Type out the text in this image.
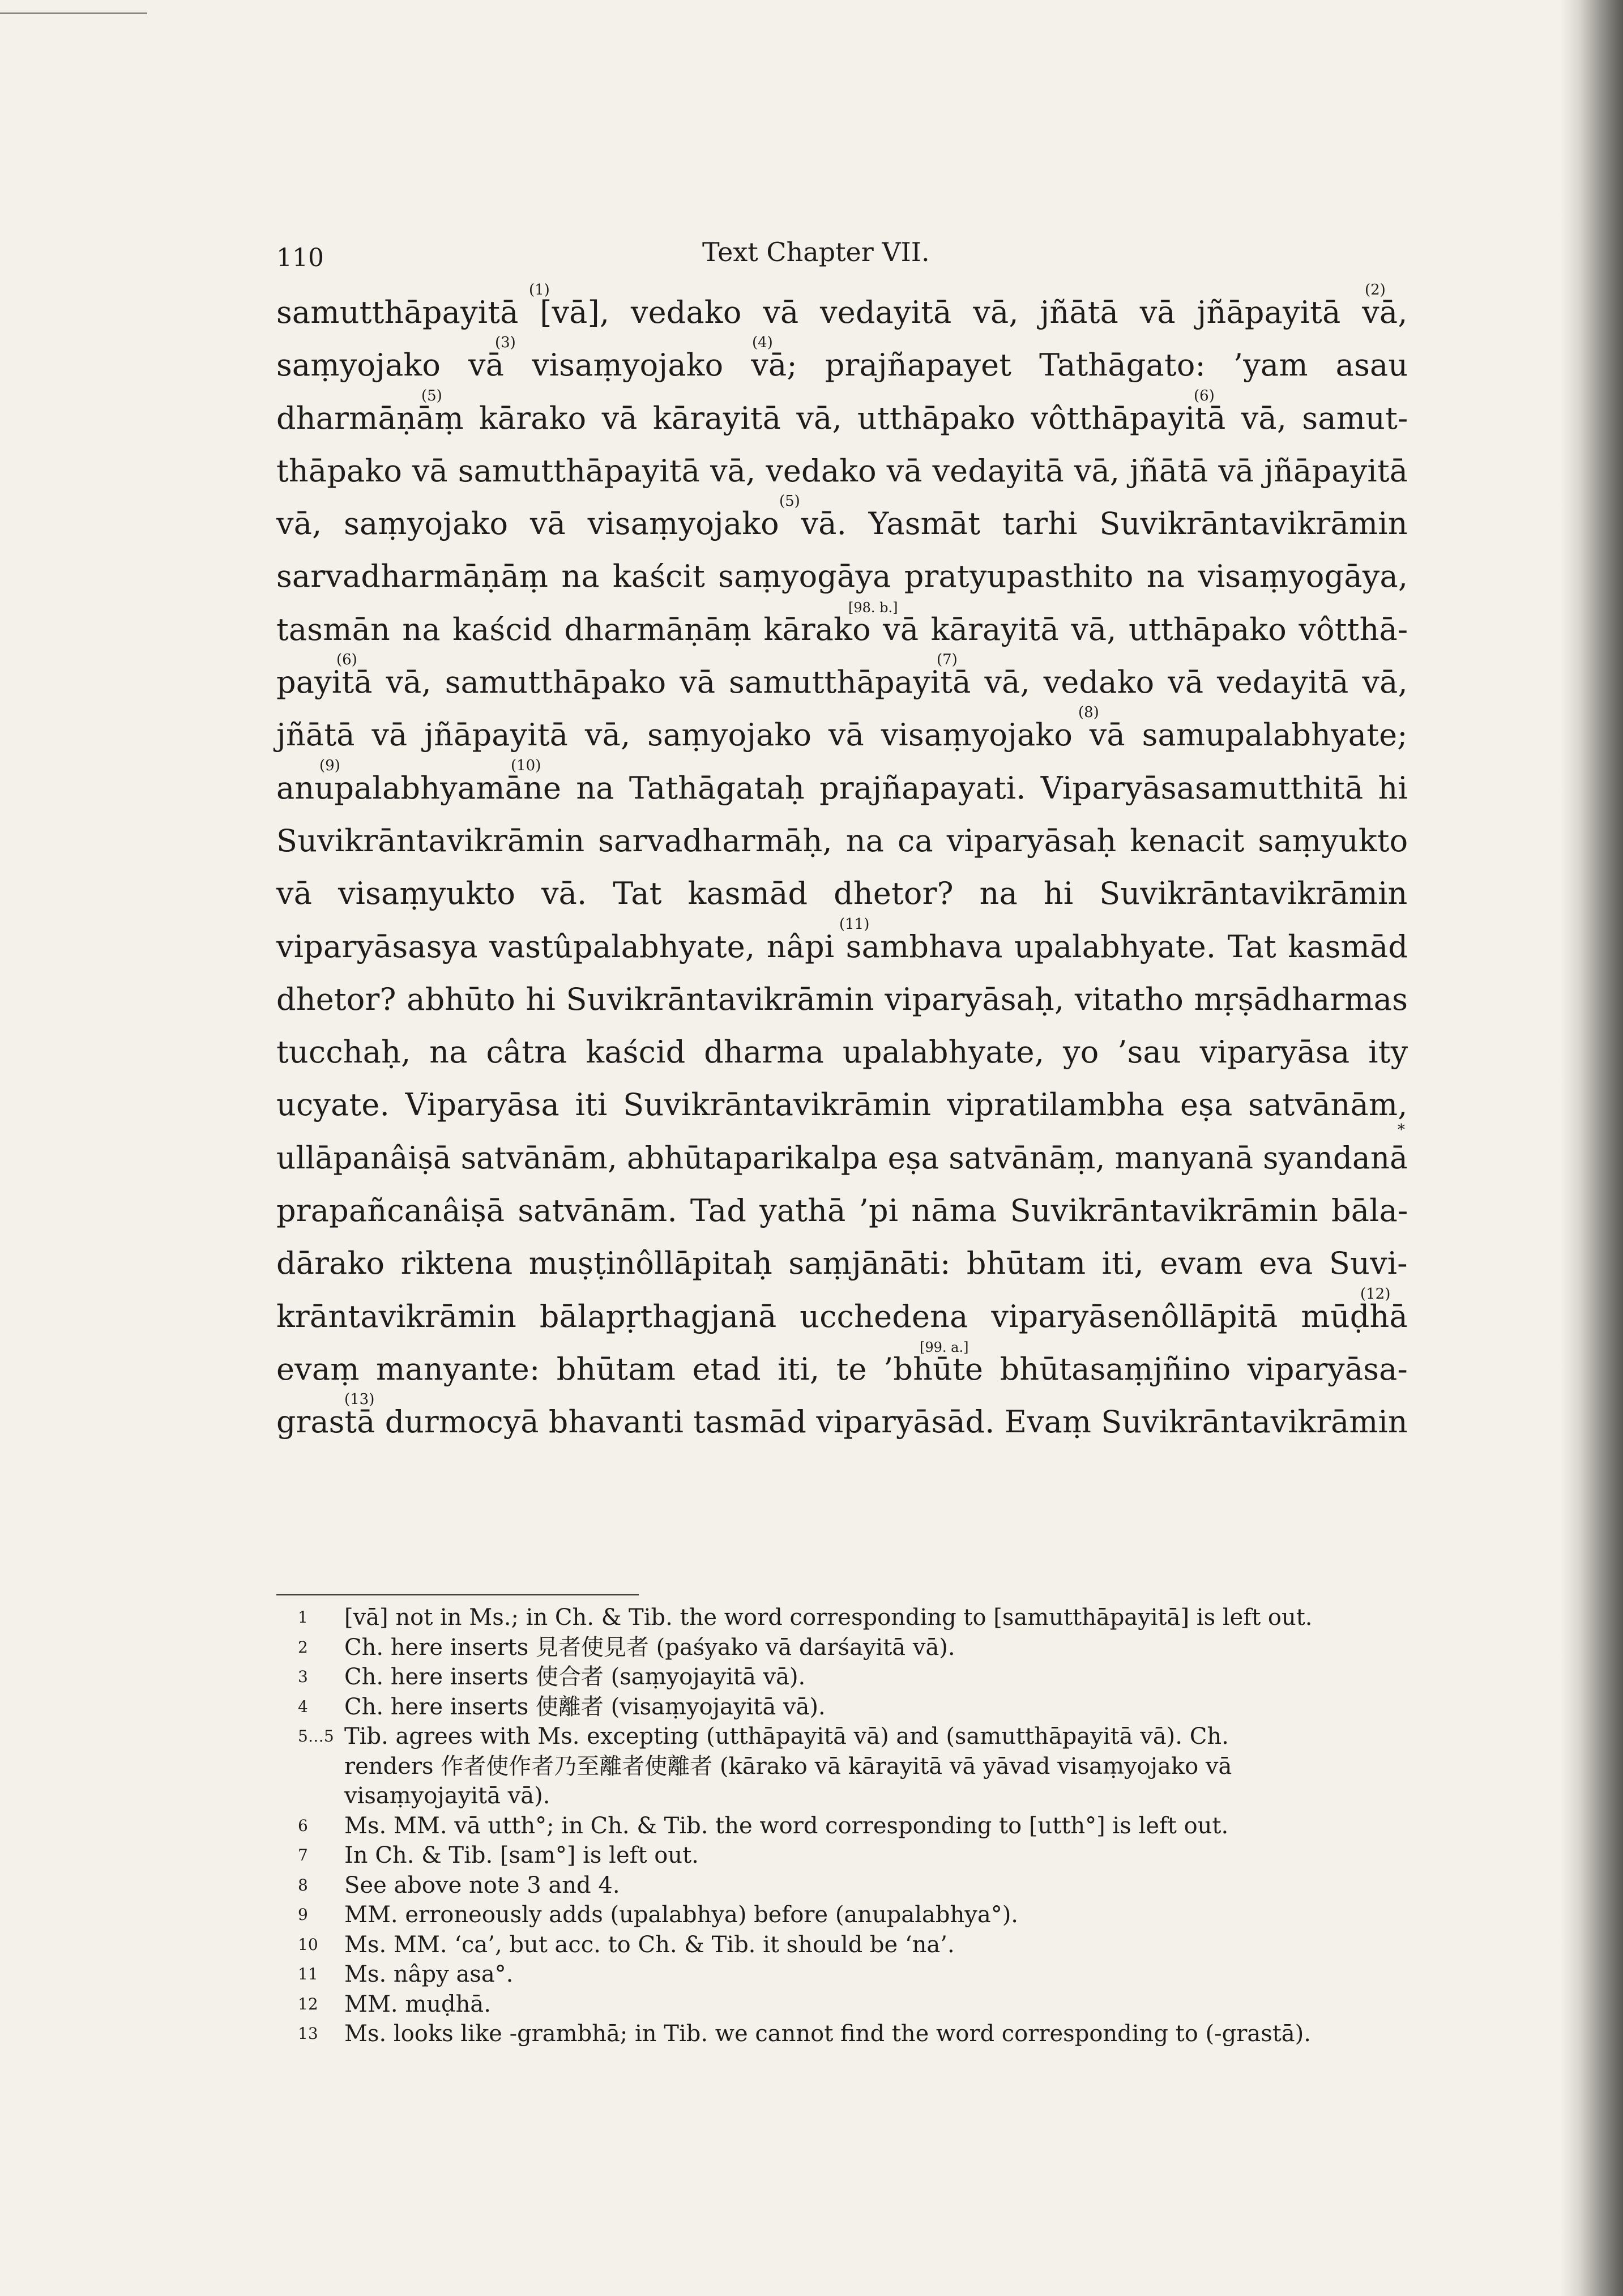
110	Text Chapter VII.
samutthāpayitā [vā], vedako vā vedayitā vā, jñātā vā jñāpayitā vā,
(1)	(2)
saṃyojako vā visaṃyojako vā; prajñapayet Tathāgato: ’yam asau
(3)	(4)
dharmāṇāṃ kārako vā kārayitā vā, utthāpako vôtthāpayitā vā, samut-
(5)	(6)
thāpako vā samutthāpayitā vā, vedako vā vedayitā vā, jñātā vā jñāpayitā
vā, saṃyojako vā visaṃyojako vā. Yasmāt tarhi Suvikrāntavikrāmin
(5)
sarvadharmāṇāṃ na kaścit saṃyogāya pratyupasthito na visaṃyogāya,
tasmān na kaścid dharmāṇāṃ kārako vā kārayitā vā, utthāpako vôtthā-
[98. b.]
payitā vā, samutthāpako vā samutthāpayitā vā, vedako vā vedayitā vā,
(6)	(7)
jñātā vā jñāpayitā vā, saṃyojako vā visaṃyojako vā samupalabhyate;
(8)
anupalabhyamāne na Tathāgataḥ prajñapayati. Viparyāsasamutthitā hi
(9)	(10)
Suvikrāntavikrāmin sarvadharmāḥ, na ca viparyāsaḥ kenacit saṃyukto
vā visaṃyukto vā. Tat kasmād dhetor? na hi Suvikrāntavikrāmin
viparyāsasya vastûpalabhyate, nâpi sambhava upalabhyate. Tat kasmād
(11)
dhetor? abhūto hi Suvikrāntavikrāmin viparyāsaḥ, vitatho mṛṣādharmas
tucchaḥ, na câtra kaścid dharma upalabhyate, yo ’sau viparyāsa ity
ucyate. Viparyāsa iti Suvikrāntavikrāmin vipratilambha eṣa satvānām,
ullāpanâiṣā satvānām, abhūtaparikalpa eṣa satvānāṃ, manyanā syandanā
*
prapañcanâiṣā satvānām. Tad yathā ’pi nāma Suvikrāntavikrāmin bāla-
dārako riktena muṣṭinôllāpitaḥ saṃjānāti: bhūtam iti, evam eva Suvi-
krāntavikrāmin bālapṛthagjanā ucchedena viparyāsenôllāpitā mūḍhā
(12)
evaṃ manyante: bhūtam etad iti, te ’bhūte bhūtasaṃjñino viparyāsa-
[99. a.]
grastā durmocyā bhavanti tasmād viparyāsād. Evaṃ Suvikrāntavikrāmin
(13)
1	[vā] not in Ms.; in Ch. & Tib. the word corresponding to [samutthāpayitā] is left out.
2	Ch. here inserts 見者使見者 (paśyako vā darśayitā vā).
3	Ch. here inserts 使合者 (saṃyojayitā vā).
4	Ch. here inserts 使離者 (visaṃyojayitā vā).
5…5 Tib. agrees with Ms. excepting (utthāpayitā vā) and (samutthāpayitā vā). Ch.
renders 作者使作者乃至離者使離者 (kārako vā kārayitā vā yāvad visaṃyojako vā
visaṃyojayitā vā).
6	Ms. MM. vā utth°; in Ch. & Tib. the word corresponding to [utth°] is left out.
7	In Ch. & Tib. [sam°] is left out.
8	See above note 3 and 4.
9	MM. erroneously adds (upalabhya) before (anupalabhya°).
10	Ms. MM. ‘ca’, but acc. to Ch. & Tib. it should be ‘na’.
11	Ms. nâpy asa°.
12	MM. muḍhā.
13	Ms. looks like -grambhā; in Tib. we cannot find the word corresponding to (-grastā).
